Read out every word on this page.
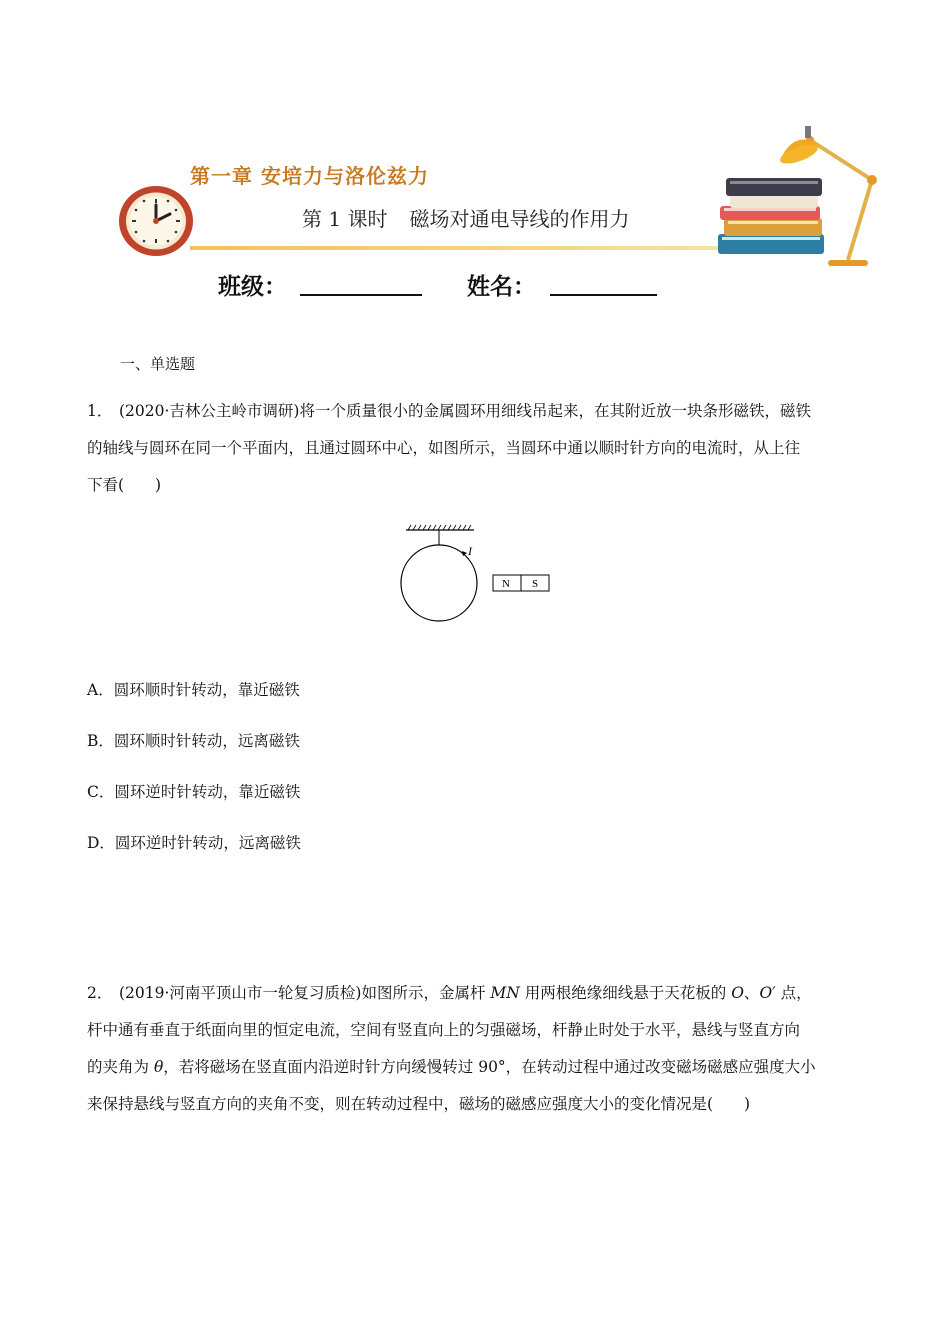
第一章 安培力与洛伦兹力
第 1 课时 磁场对通电导线的作用力
班级：	姓名：
一、单选题
1． (2020·吉林公主岭市调研)将一个质量很小的金属圆环用细线吊起来，在其附近放一块条形磁铁，磁铁
的轴线与圆环在同一个平面内，且通过圆环中心，如图所示，当圆环中通以顺时针方向的电流时，从上往
下看(　　)
I
N S
A．圆环顺时针转动，靠近磁铁
B．圆环顺时针转动，远离磁铁
C．圆环逆时针转动，靠近磁铁
D．圆环逆时针转动，远离磁铁
2． (2019·河南平顶山市一轮复习质检)如图所示，金属杆 MN 用两根绝缘细线悬于天花板的 O、O′ 点，
杆中通有垂直于纸面向里的恒定电流，空间有竖直向上的匀强磁场，杆静止时处于水平，悬线与竖直方向
的夹角为 θ，若将磁场在竖直面内沿逆时针方向缓慢转过 90°，在转动过程中通过改变磁场磁感应强度大小
来保持悬线与竖直方向的夹角不变，则在转动过程中，磁场的磁感应强度大小的变化情况是(　　)
